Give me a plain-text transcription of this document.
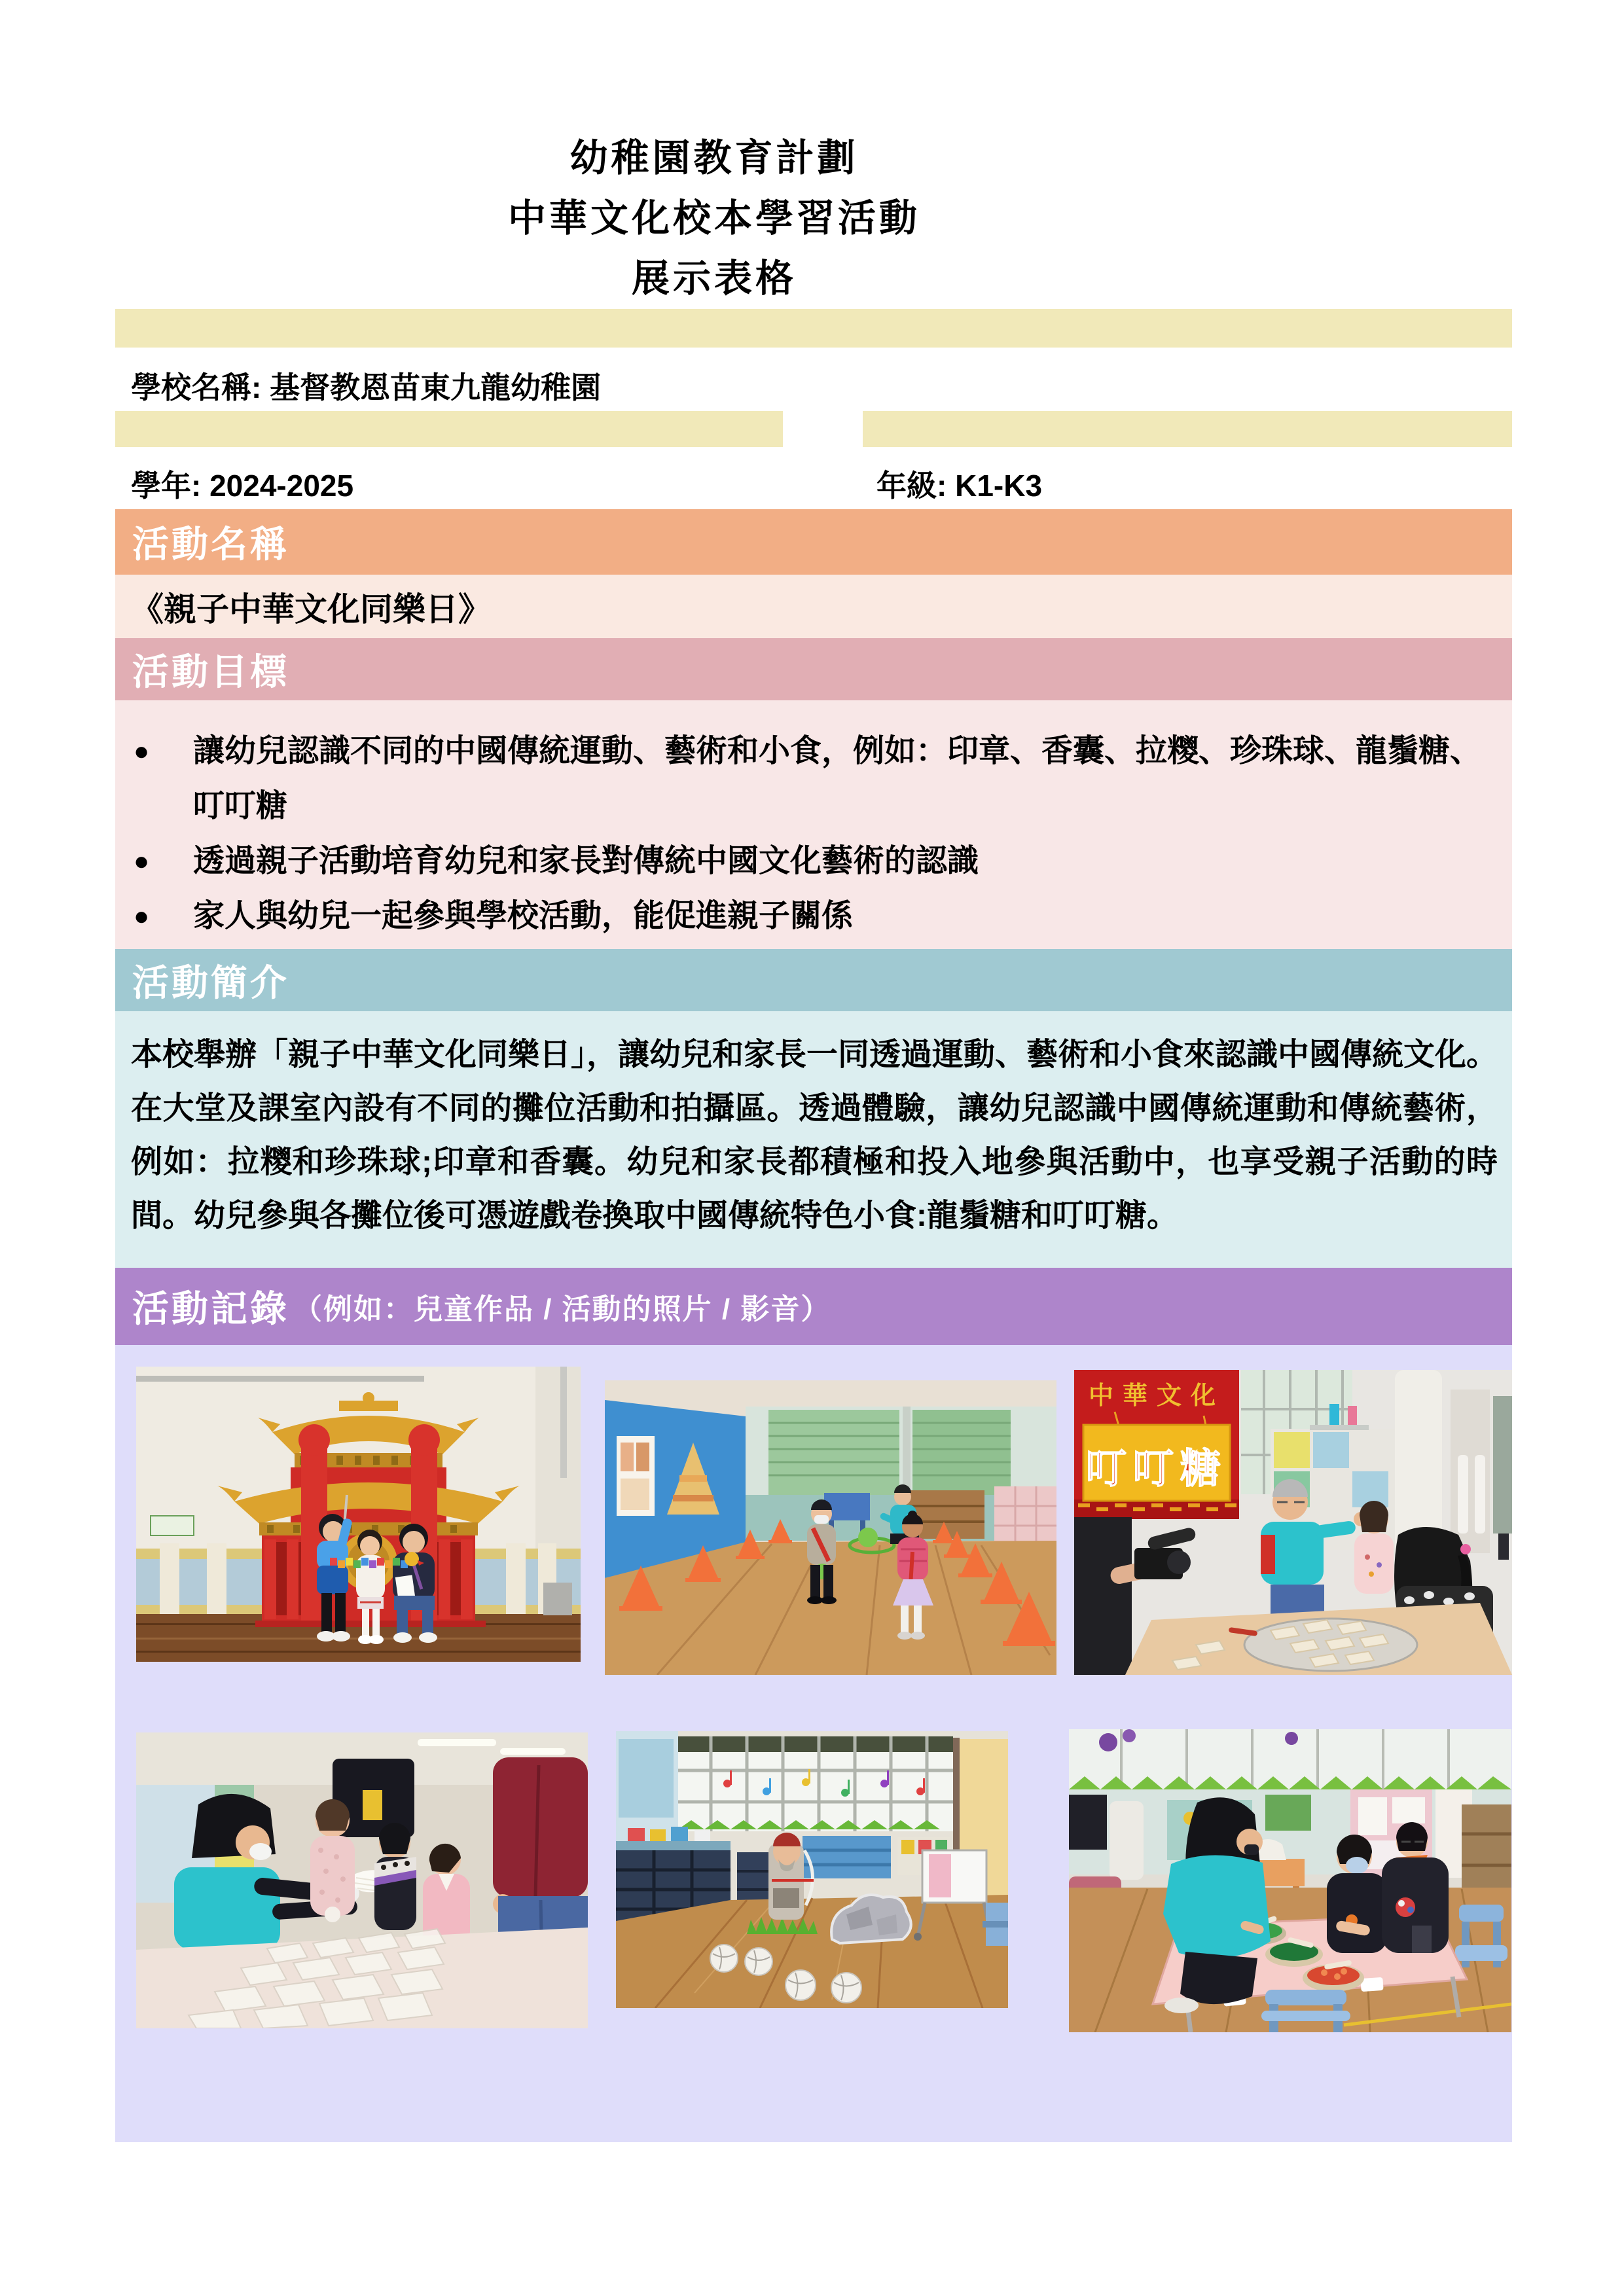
幼稚園教育計劃
中華文化校本學習活動
展示表格
學校名稱: 基督教恩苗東九龍幼稚園
學年: 2024-2025	年級: K1-K3
活動名稱
《親子中華文化同樂日》
活動目標
● 讓幼兒認識不同的中國傳統運動、藝術和小食，例如：印章、香囊、拉糭、珍珠球、龍鬚糖、叮叮糖
● 透過親子活動培育幼兒和家長對傳統中國文化藝術的認識
● 家人與幼兒一起參與學校活動，能促進親子關係
活動簡介

本校舉辦「親子中華文化同樂日」，讓幼兒和家長一同透過運動、藝術和小食來認識中國傳統文化。在大堂及課室內設有不同的攤位活動和拍攝區。透過體驗，讓幼兒認識中國傳統運動和傳統藝術，例如：拉糭和珍珠球;印章和香囊。幼兒和家長都積極和投入地參與活動中，也享受親子活動的時間。幼兒參與各攤位後可憑遊戲卷換取中國傳統特色小食:龍鬚糖和叮叮糖。

活動記錄 （例如：兒童作品 / 活動的照片 / 影音）
中華文化
叮叮糖
